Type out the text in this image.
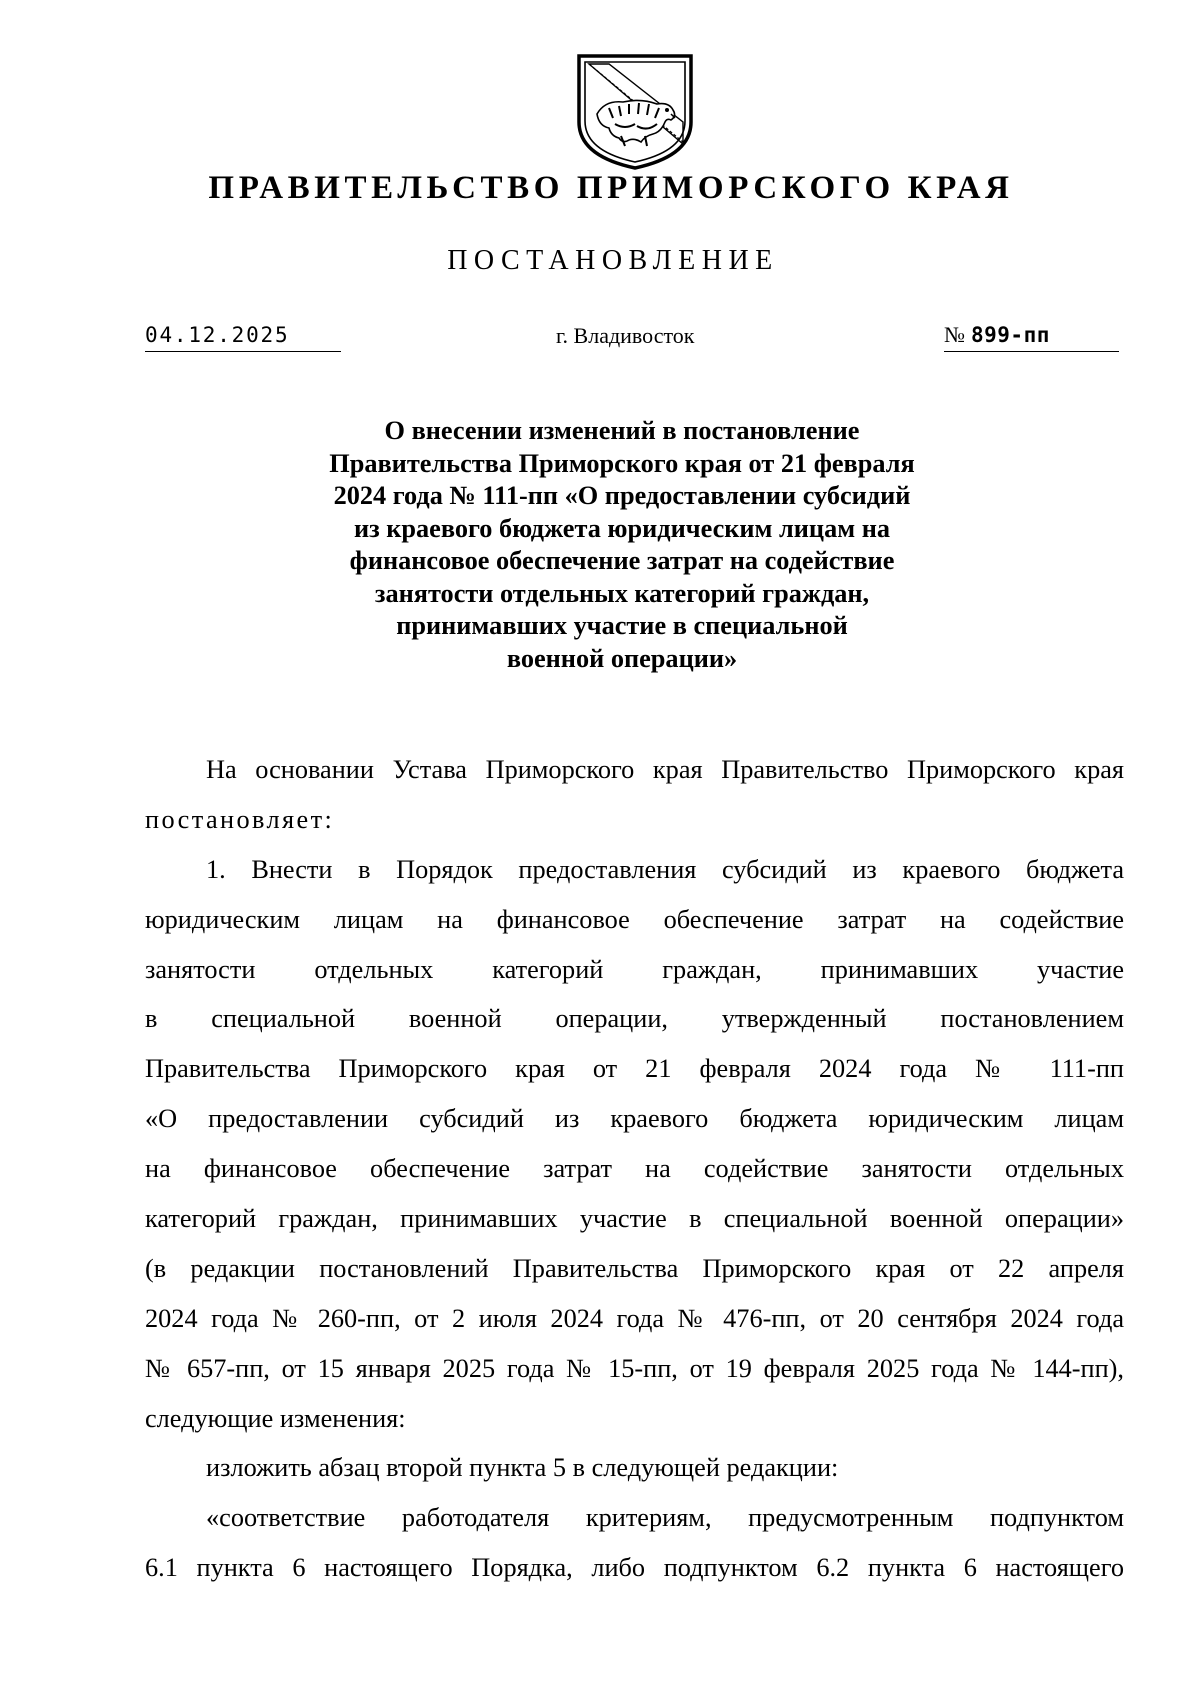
ПРАВИТЕЛЬСТВО ПРИМОРСКОГО КРАЯ
ПОСТАНОВЛЕНИЕ
04.12.2025	г. Владивосток	№ 899-пп
О внесении изменений в постановление
Правительства Приморского края от 21 февраля
2024 года № 111-пп «О предоставлении субсидий
из краевого бюджета юридическим лицам на
финансовое обеспечение затрат на содействие
занятости отдельных категорий граждан,
принимавших участие в специальной
военной операции»
На основании Устава Приморского края Правительство Приморского края
постановляет:
1. Внести в Порядок предоставления субсидий из краевого бюджета
юридическим лицам на финансовое обеспечение затрат на содействие
занятости отдельных категорий граждан, принимавших участие
в специальной военной операции, утвержденный постановлением
Правительства Приморского края от 21 февраля 2024 года № 111-пп
«О предоставлении субсидий из краевого бюджета юридическим лицам
на финансовое обеспечение затрат на содействие занятости отдельных
категорий граждан, принимавших участие в специальной военной операции»
(в редакции постановлений Правительства Приморского края от 22 апреля
2024 года № 260-пп, от 2 июля 2024 года № 476-пп, от 20 сентября 2024 года
№ 657-пп, от 15 января 2025 года № 15-пп, от 19 февраля 2025 года № 144-пп),
следующие изменения:
изложить абзац второй пункта 5 в следующей редакции:
«соответствие работодателя критериям, предусмотренным подпунктом
6.1 пункта 6 настоящего Порядка, либо подпунктом 6.2 пункта 6 настоящего
